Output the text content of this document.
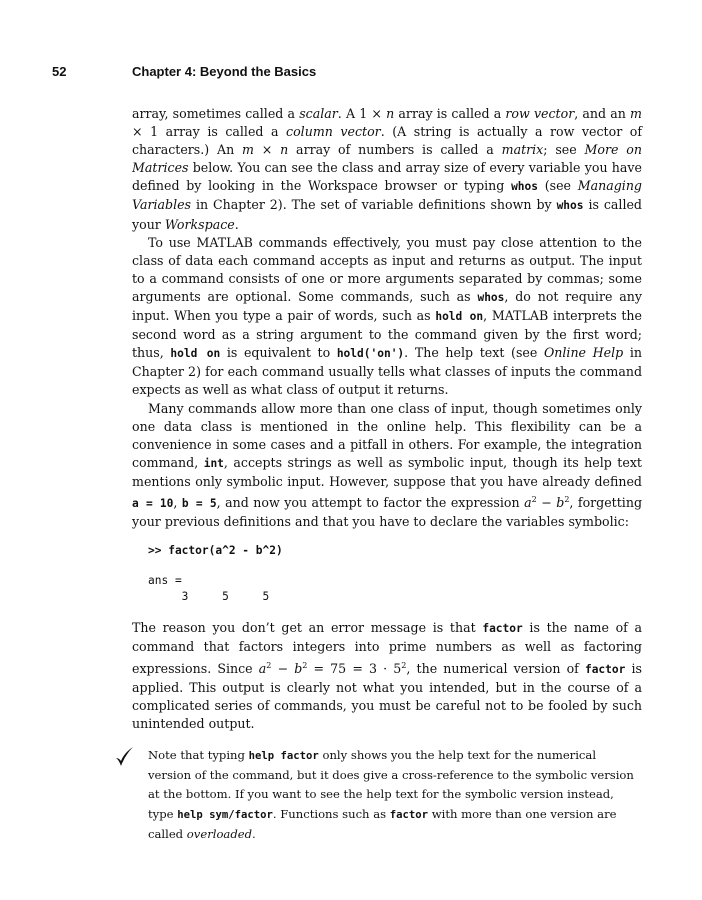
52	Chapter 4: Beyond the Basics

array, sometimes called a scalar. A 1 × n array is called a row vector, and an m × 1 array is called a column vector. (A string is actually a row vector of characters.) An m × n array of numbers is called a matrix; see More on Matrices below. You can see the class and array size of every variable you have defined by looking in the Workspace browser or typing whos (see Managing Variables in Chapter 2). The set of variable definitions shown by whos is called your Workspace.

To use MATLAB commands effectively, you must pay close attention to the class of data each command accepts as input and returns as output. The input to a command consists of one or more arguments separated by commas; some arguments are optional. Some commands, such as whos, do not require any input. When you type a pair of words, such as hold on, MATLAB interprets the second word as a string argument to the command given by the first word; thus, hold on is equivalent to hold('on'). The help text (see Online Help in Chapter 2) for each command usually tells what classes of inputs the command expects as well as what class of output it returns.

Many commands allow more than one class of input, though sometimes only one data class is mentioned in the online help. This flexibility can be a convenience in some cases and a pitfall in others. For example, the integration command, int, accepts strings as well as symbolic input, though its help text mentions only symbolic input. However, suppose that you have already defined a = 10, b = 5, and now you attempt to factor the expression $a^2 - b^2$, forgetting your previous definitions and that you have to declare the variables symbolic:

>> factor(a^2 - b^2)
ans =
3     5     5

The reason you don’t get an error message is that factor is the name of a command that factors integers into prime numbers as well as factoring expressions. Since $a^2 - b^2 = 75 = 3 \cdot 5^2$, the numerical version of factor is applied. This output is clearly not what you intended, but in the course of a complicated series of commands, you must be careful not to be fooled by such unintended output.

Note that typing help factor only shows you the help text for the numerical version of the command, but it does give a cross-reference to the symbolic version at the bottom. If you want to see the help text for the symbolic version instead, type help sym/factor. Functions such as factor with more than one version are called overloaded.
